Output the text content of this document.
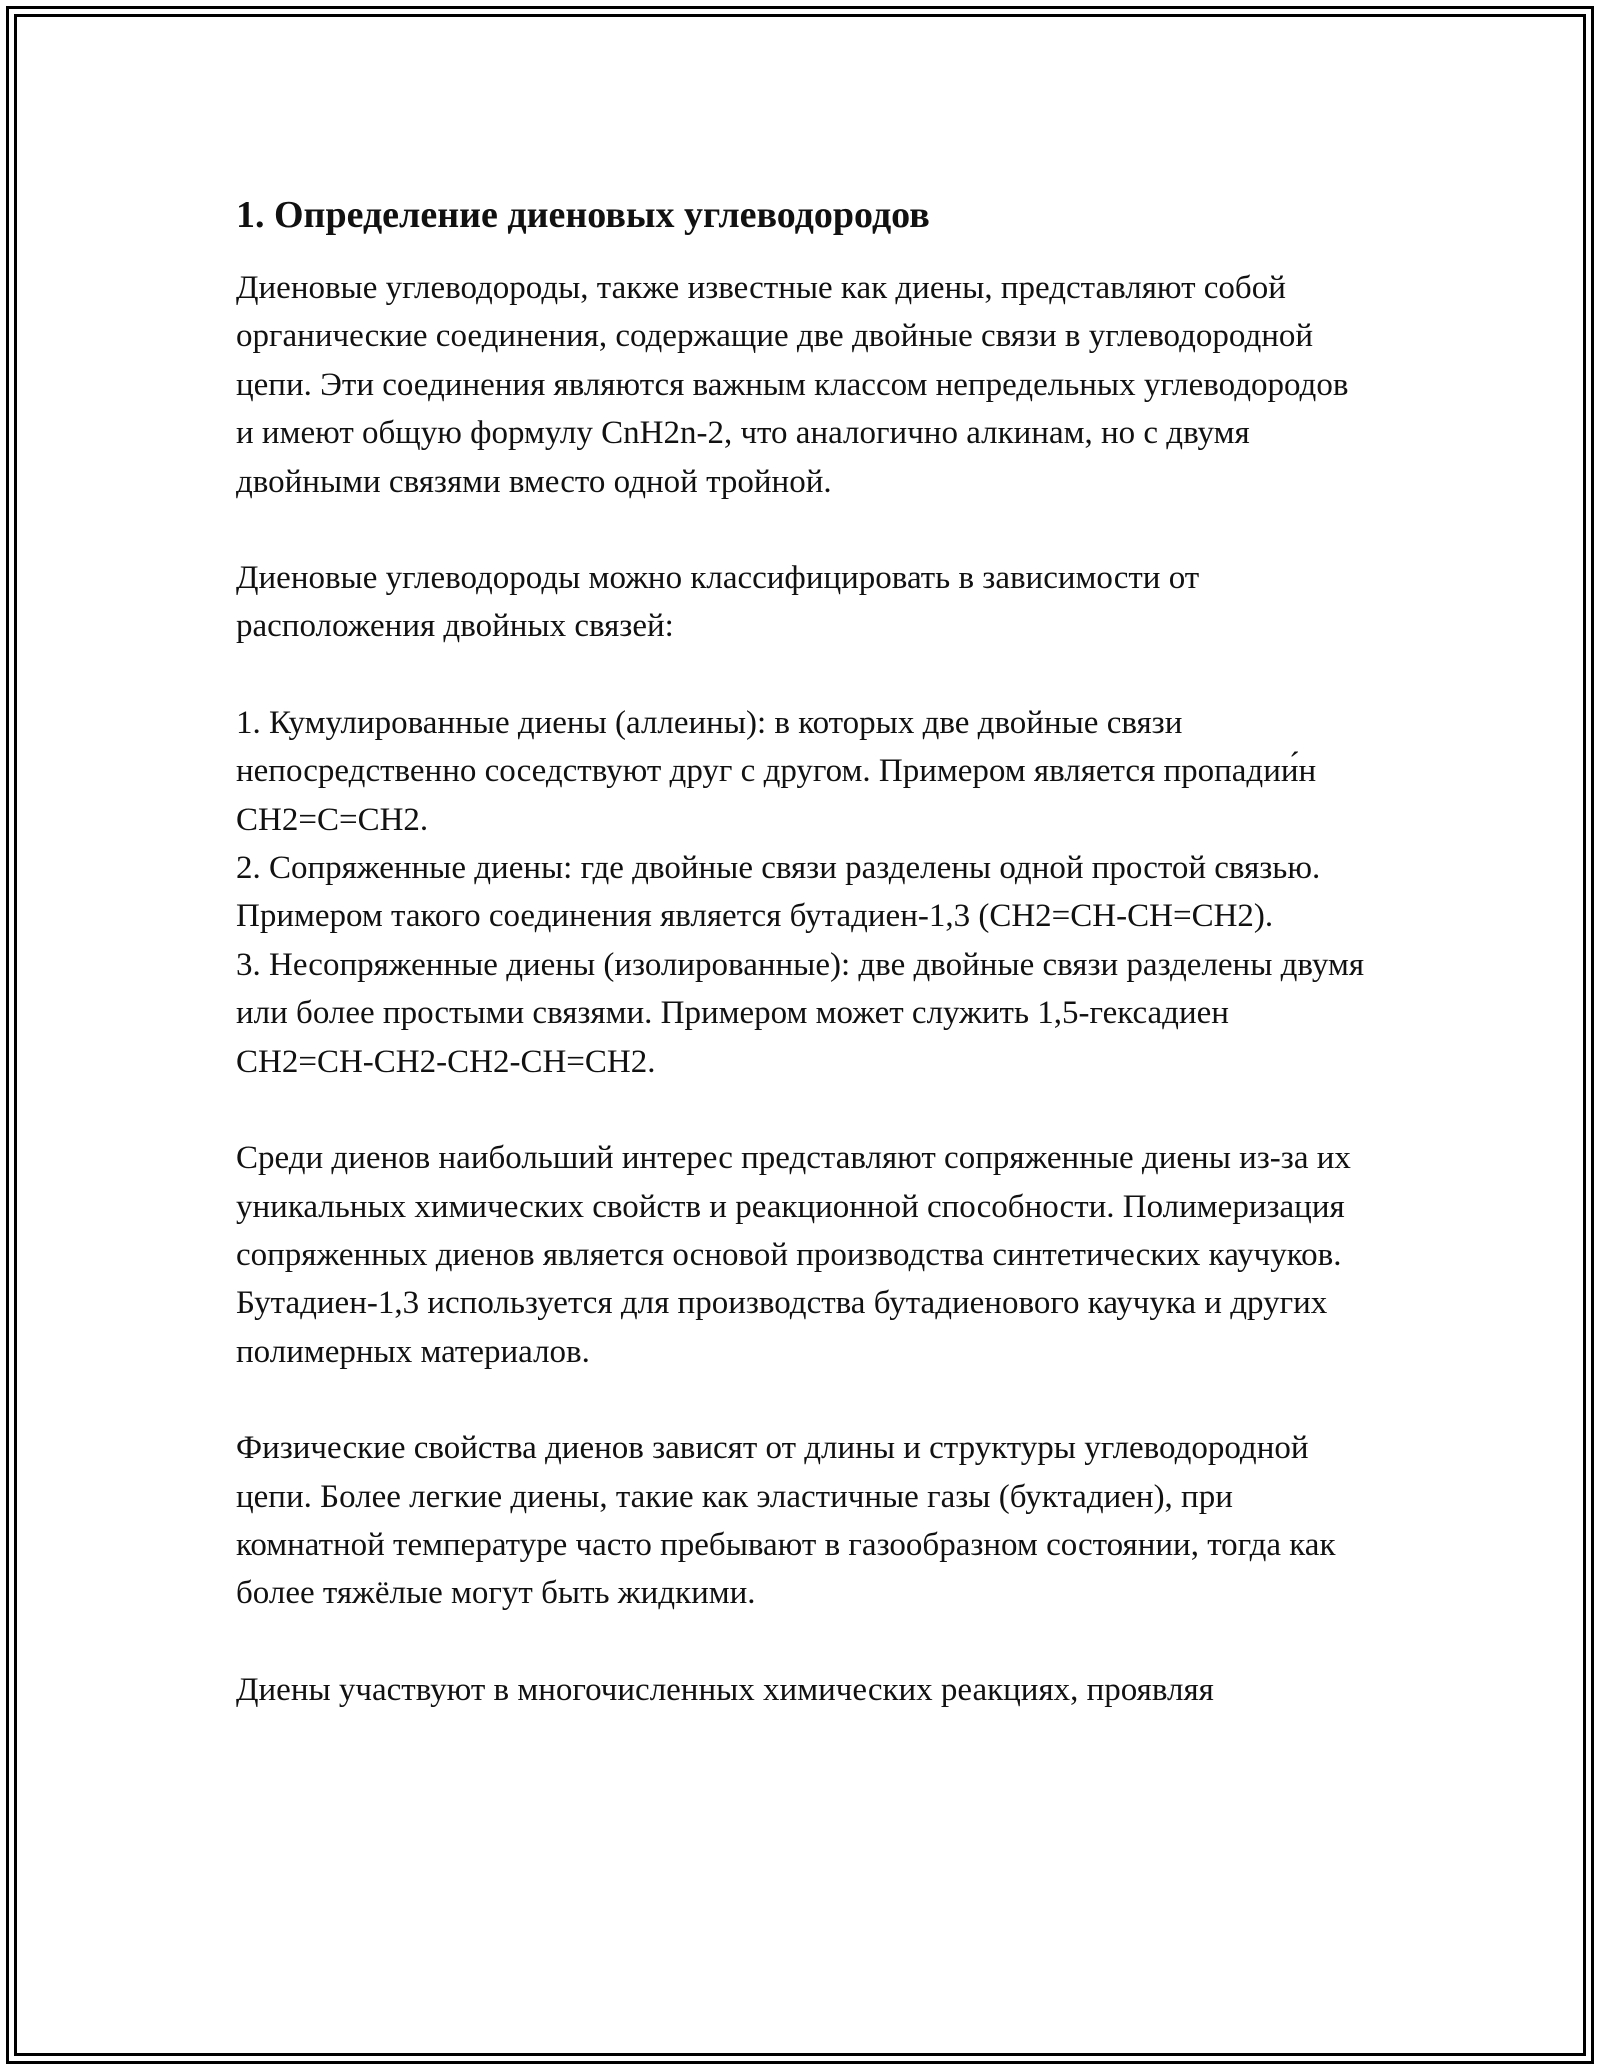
1. Определение диеновых углеводородов

Диеновые углеводороды, также известные как диены, представляют собой органические соединения, содержащие две двойные связи в углеводородной цепи. Эти соединения являются важным классом непредельных углеводородов и имеют общую формулу CnH2n-2, что аналогично алкинам, но с двумя двойными связями вместо одной тройной.

Диеновые углеводороды можно классифицировать в зависимости от расположения двойных связей:

1. Кумулированные диены (аллеины): в которых две двойные связи непосредственно соседствуют друг с другом. Примером является пропадии́н CH2=C=CH2.
2. Сопряженные диены: где двойные связи разделены одной простой связью. Примером такого соединения является бутадиен-1,3 (CH2=CH-CH=CH2).
3. Несопряженные диены (изолированные): две двойные связи разделены двумя или более простыми связями. Примером может служить 1,5-гексадиен CH2=CH-CH2-CH2-CH=CH2.

Среди диенов наибольший интерес представляют сопряженные диены из-за их уникальных химических свойств и реакционной способности. Полимеризация сопряженных диенов является основой производства синтетических каучуков. Бутадиен-1,3 используется для производства бутадиенового каучука и других полимерных материалов.

Физические свойства диенов зависят от длины и структуры углеводородной цепи. Более легкие диены, такие как эластичные газы (буктадиен), при комнатной температуре часто пребывают в газообразном состоянии, тогда как более тяжёлые могут быть жидкими.

Диены участвуют в многочисленных химических реакциях, проявляя
